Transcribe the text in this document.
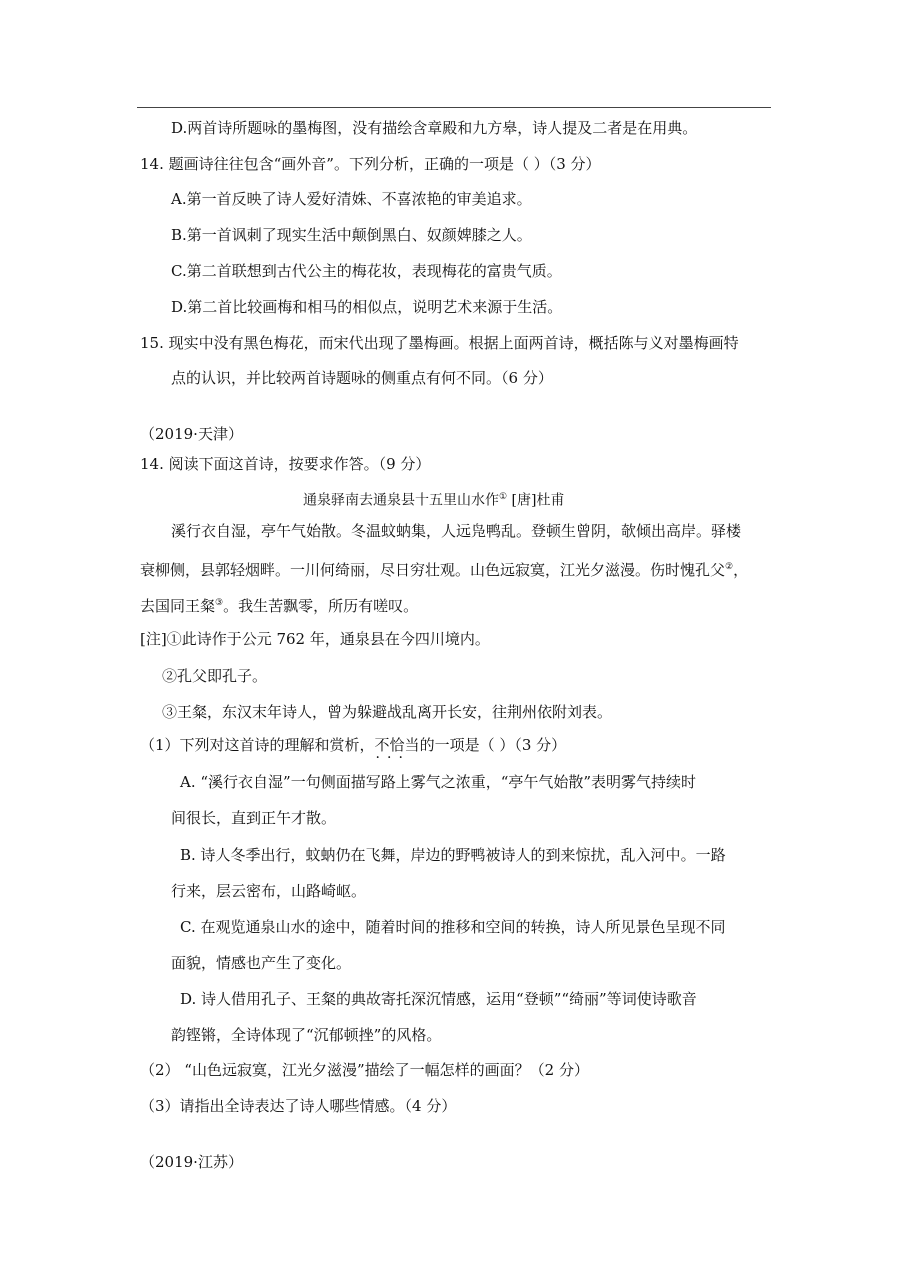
D.两首诗所题咏的墨梅图，没有描绘含章殿和九方皋，诗人提及二者是在用典。
14. 题画诗往往包含“画外音”。下列分析，正确的一项是（ ）（3 分）
A.第一首反映了诗人爱好清姝、不喜浓艳的审美追求。
B.第一首讽刺了现实生活中颠倒黑白、奴颜婢膝之人。
C.第二首联想到古代公主的梅花妆，表现梅花的富贵气质。
D.第二首比较画梅和相马的相似点，说明艺术来源于生活。
15. 现实中没有黑色梅花，而宋代出现了墨梅画。根据上面两首诗，概括陈与义对墨梅画特
点的认识，并比较两首诗题咏的侧重点有何不同。（6 分）
（2019·天津）
14. 阅读下面这首诗，按要求作答。（9 分）
通泉驿南去通泉县十五里山水作① [唐]杜甫
溪行衣自湿，亭午气始散。冬温蚊蚋集，人远凫鸭乱。登顿生曾阴，欹倾出高岸。驿楼
衰柳侧，县郭轻烟畔。一川何绮丽，尽日穷壮观。山色远寂寞，江光夕滋漫。伤时愧孔父②，
去国同王粲③。我生苦飘零，所历有嗟叹。
[注]①此诗作于公元 762 年，通泉县在今四川境内。
②孔父即孔子。
③王粲，东汉末年诗人，曾为躲避战乱离开长安，往荆州依附刘表。
（1）下列对这首诗的理解和赏析，不恰当 · · ·的一项是（ ）（3 分）
A. “溪行衣自湿”一句侧面描写路上雾气之浓重，“亭午气始散”表明雾气持续时
间很长，直到正午才散。
B. 诗人冬季出行，蚊蚋仍在飞舞，岸边的野鸭被诗人的到来惊扰，乱入河中。一路
行来，层云密布，山路崎岖。
C. 在观览通泉山水的途中，随着时间的推移和空间的转换，诗人所见景色呈现不同
面貌，情感也产生了变化。
D. 诗人借用孔子、王粲的典故寄托深沉情感，运用“登顿”“绮丽”等词使诗歌音
韵铿锵，全诗体现了“沉郁顿挫”的风格。
（2） “山色远寂寞，江光夕滋漫”描绘了一幅怎样的画面？（2 分）
（3）请指出全诗表达了诗人哪些情感。（4 分）
（2019·江苏）
